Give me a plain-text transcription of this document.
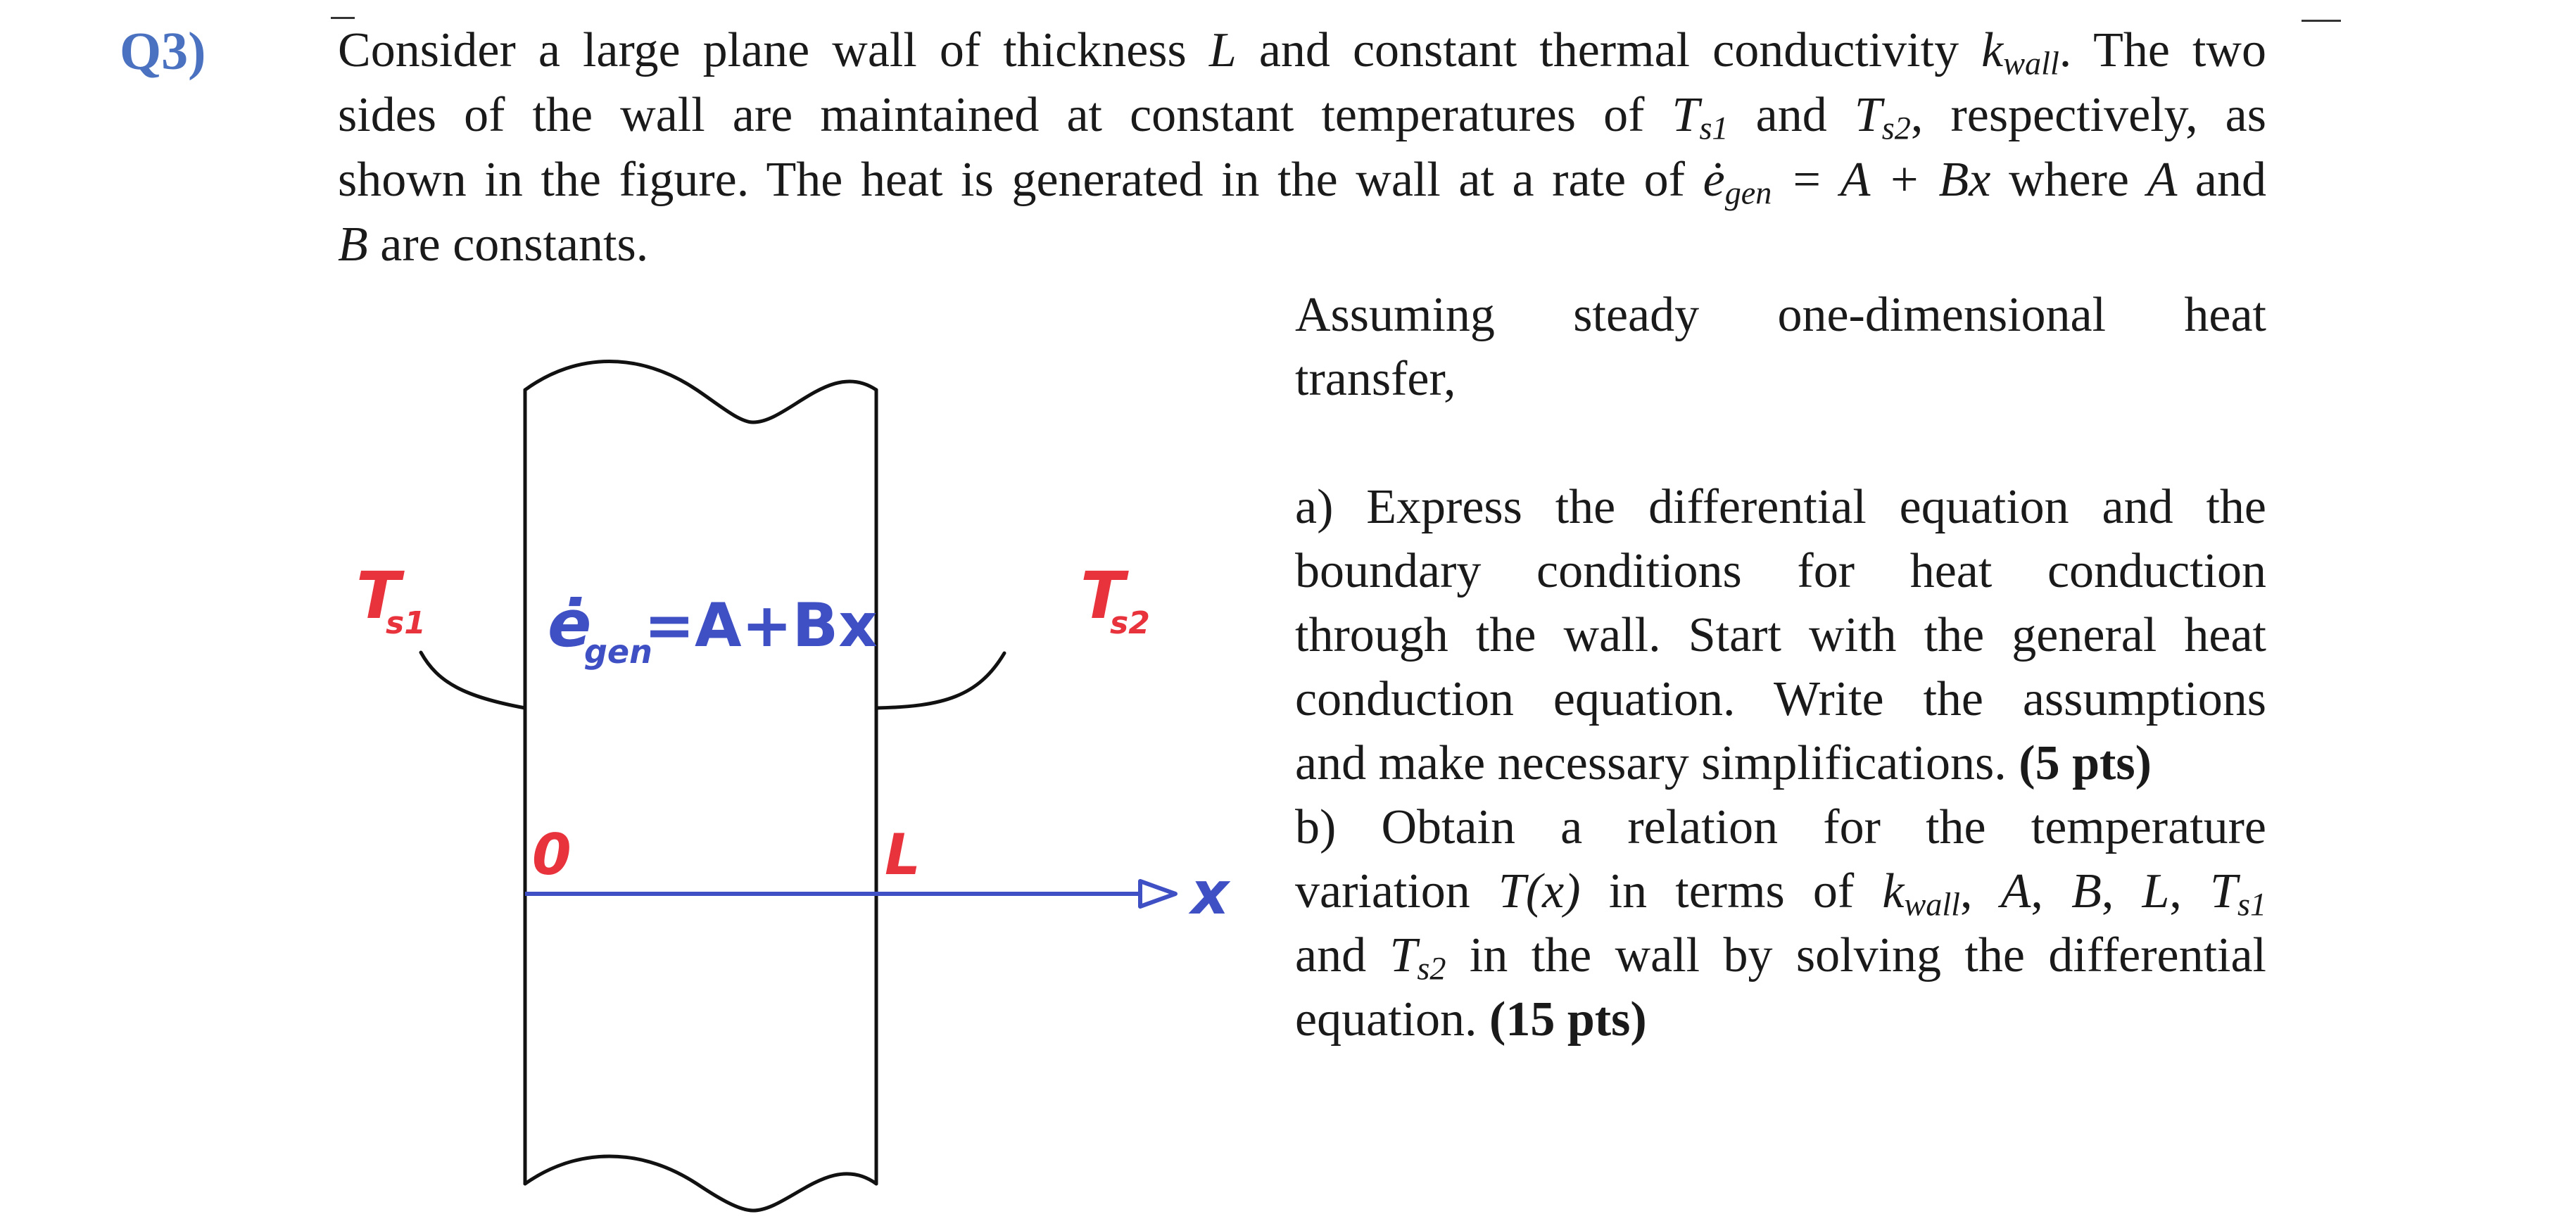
Q3)	Consider a large plane wall of thickness L and constant thermal conductivity $k_{wall}$. The two
sides of the wall are maintained at constant temperatures of $T_{s1}$ and $T_{s2}$, respectively, as
shown in the figure. The heat is generated in the wall at a rate of $ė_{gen} = A + Bx$ where A and
B are constants.
Assuming steady one-dimensional heat
transfer,
a) Express the differential equation and the
boundary conditions for heat conduction
through the wall. Start with the general heat
conduction equation. Write the assumptions
and make necessary simplifications. (5 pts)
b) Obtain a relation for the temperature
variation T(x) in terms of $k_{wall}$, A, B, L, $T_{s1}$
and $T_{s2}$ in the wall by solving the differential
equation. (15 pts)
T
s1	T
s2
ė
gen
=A+Bx
0	L
x
